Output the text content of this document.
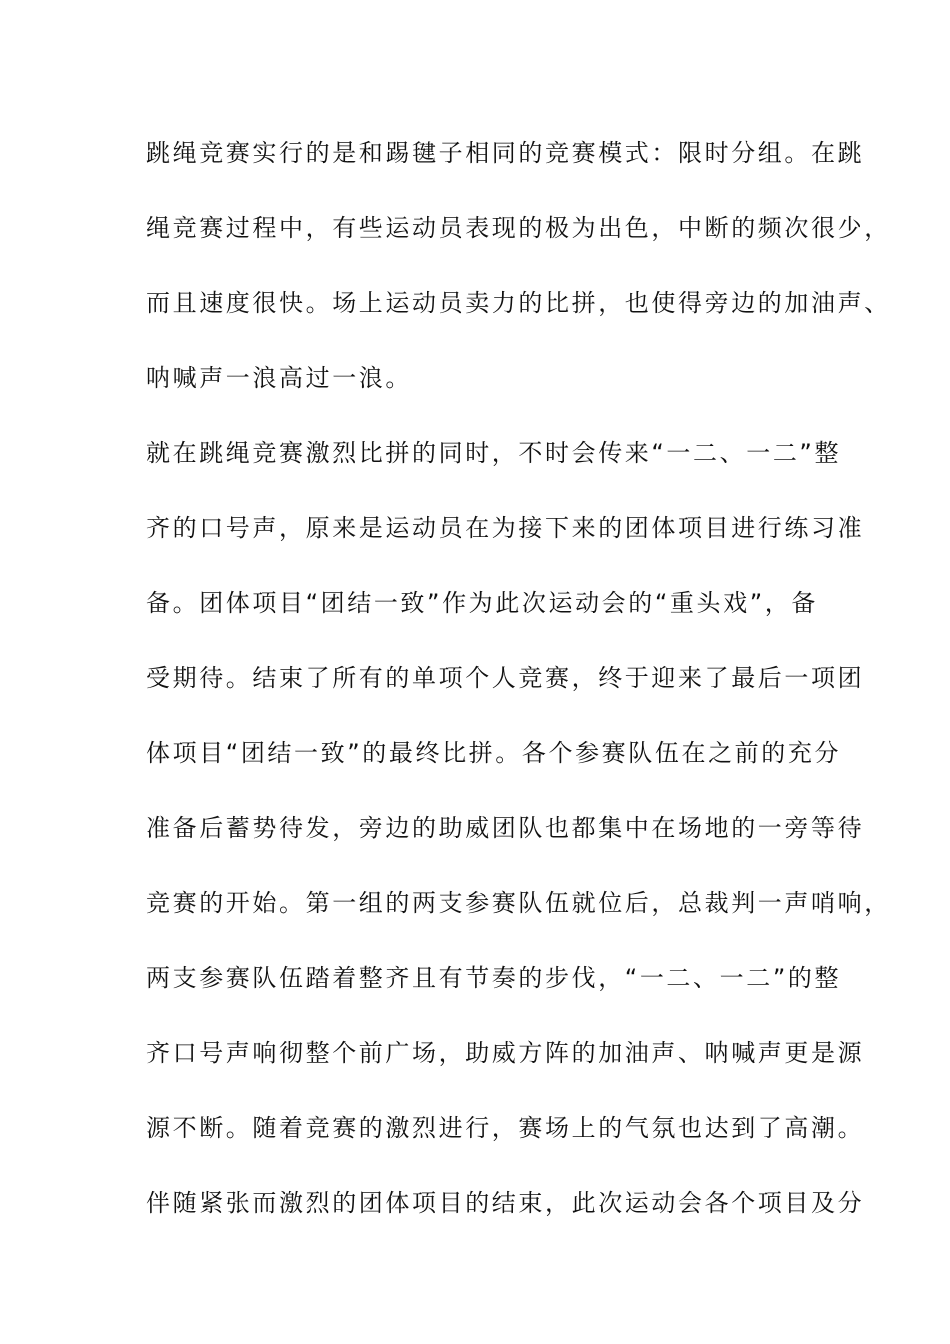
跳绳竞赛实行的是和踢毽子相同的竞赛模式：限时分组。在跳
绳竞赛过程中，有些运动员表现的极为出色，中断的频次很少，
而且速度很快。场上运动员卖力的比拼，也使得旁边的加油声、
呐喊声一浪高过一浪。
就在跳绳竞赛激烈比拼的同时，不时会传来“一二、一二”整
齐的口号声，原来是运动员在为接下来的团体项目进行练习准
备。团体项目“团结一致”作为此次运动会的“重头戏”，备
受期待。结束了所有的单项个人竞赛，终于迎来了最后一项团
体项目“团结一致”的最终比拼。各个参赛队伍在之前的充分
准备后蓄势待发，旁边的助威团队也都集中在场地的一旁等待
竞赛的开始。第一组的两支参赛队伍就位后，总裁判一声哨响，
两支参赛队伍踏着整齐且有节奏的步伐，“一二、一二”的整
齐口号声响彻整个前广场，助威方阵的加油声、呐喊声更是源
源不断。随着竞赛的激烈进行，赛场上的气氛也达到了高潮。
伴随紧张而激烈的团体项目的结束，此次运动会各个项目及分
